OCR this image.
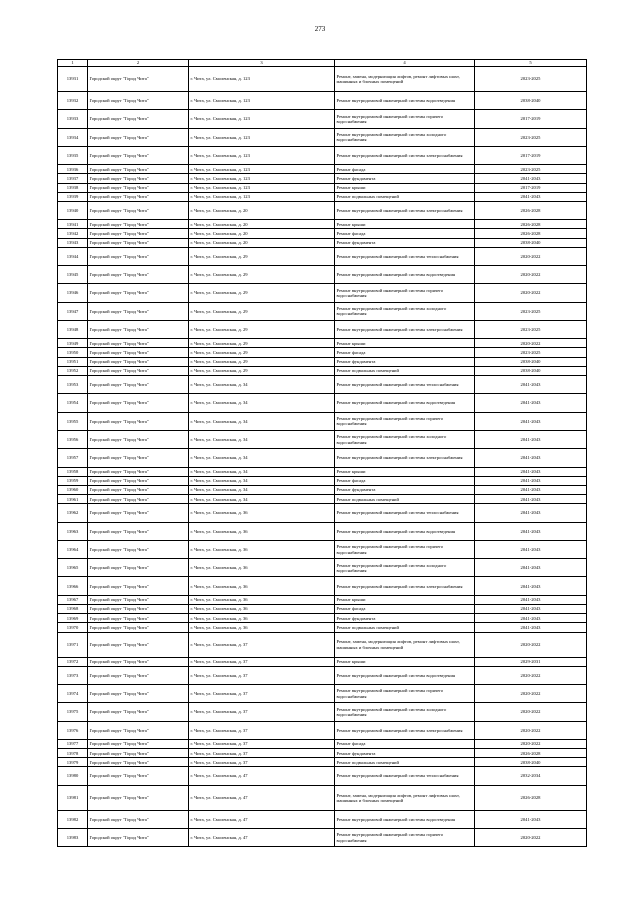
273
1	2	3	4	5
13931	Городской округ "Город Чита"	г. Чита, ул. Смоленская, д. 123	Ремонт, замена, модернизация лифтов, ремонт лифтовых шахт, машинных и блочных помещений	2023-2025
13932	Городской округ "Город Чита"	г. Чита, ул. Смоленская, д. 123	Ремонт внутридомовой инженерной системы водоотведения	2038-2040
13933	Городской округ "Город Чита"	г. Чита, ул. Смоленская, д. 123	Ремонт внутридомовой инженерной системы горячего водоснабжения	2017-2019
13934	Городской округ "Город Чита"	г. Чита, ул. Смоленская, д. 123	Ремонт внутридомовой инженерной системы холодного водоснабжения	2023-2025
13935	Городской округ "Город Чита"	г. Чита, ул. Смоленская, д. 123	Ремонт внутридомовой инженерной системы электроснабжения	2017-2019
13936	Городской округ "Город Чита"	г. Чита, ул. Смоленская, д. 123	Ремонт фасада	2023-2025
13937	Городской округ "Город Чита"	г. Чита, ул. Смоленская, д. 123	Ремонт фундамента	2041-2043
13938	Городской округ "Город Чита"	г. Чита, ул. Смоленская, д. 123	Ремонт крыши	2017-2019
13939	Городской округ "Город Чита"	г. Чита, ул. Смоленская, д. 123	Ремонт подвальных помещений	2041-2043
13940	Городской округ "Город Чита"	г. Чита, ул. Смоленская, д. 20	Ремонт внутридомовой инженерной системы электроснабжения	2026-2028
13941	Городской округ "Город Чита"	г. Чита, ул. Смоленская, д. 20	Ремонт крыши	2026-2028
13942	Городской округ "Город Чита"	г. Чита, ул. Смоленская, д. 20	Ремонт фасада	2026-2028
13943	Городской округ "Город Чита"	г. Чита, ул. Смоленская, д. 20	Ремонт фундамента	2038-2040
13944	Городской округ "Город Чита"	г. Чита, ул. Смоленская, д. 29	Ремонт внутридомовой инженерной системы теплоснабжения	2020-2022
13945	Городской округ "Город Чита"	г. Чита, ул. Смоленская, д. 29	Ремонт внутридомовой инженерной системы водоотведения	2020-2022
13946	Городской округ "Город Чита"	г. Чита, ул. Смоленская, д. 29	Ремонт внутридомовой инженерной системы горячего водоснабжения	2020-2022
13947	Городской округ "Город Чита"	г. Чита, ул. Смоленская, д. 29	Ремонт внутридомовой инженерной системы холодного водоснабжения	2023-2025
13948	Городской округ "Город Чита"	г. Чита, ул. Смоленская, д. 29	Ремонт внутридомовой инженерной системы электроснабжения	2023-2025
13949	Городской округ "Город Чита"	г. Чита, ул. Смоленская, д. 29	Ремонт крыши	2020-2022
13950	Городской округ "Город Чита"	г. Чита, ул. Смоленская, д. 29	Ремонт фасада	2023-2025
13951	Городской округ "Город Чита"	г. Чита, ул. Смоленская, д. 29	Ремонт фундамента	2038-2040
13952	Городской округ "Город Чита"	г. Чита, ул. Смоленская, д. 29	Ремонт подвальных помещений	2038-2040
13953	Городской округ "Город Чита"	г. Чита, ул. Смоленская, д. 34	Ремонт внутридомовой инженерной системы теплоснабжения	2041-2043
13954	Городской округ "Город Чита"	г. Чита, ул. Смоленская, д. 34	Ремонт внутридомовой инженерной системы водоотведения	2041-2043
13955	Городской округ "Город Чита"	г. Чита, ул. Смоленская, д. 34	Ремонт внутридомовой инженерной системы горячего водоснабжения	2041-2043
13956	Городской округ "Город Чита"	г. Чита, ул. Смоленская, д. 34	Ремонт внутридомовой инженерной системы холодного водоснабжения	2041-2043
13957	Городской округ "Город Чита"	г. Чита, ул. Смоленская, д. 34	Ремонт внутридомовой инженерной системы электроснабжения	2041-2043
13958	Городской округ "Город Чита"	г. Чита, ул. Смоленская, д. 34	Ремонт крыши	2041-2043
13959	Городской округ "Город Чита"	г. Чита, ул. Смоленская, д. 34	Ремонт фасада	2041-2043
13960	Городской округ "Город Чита"	г. Чита, ул. Смоленская, д. 34	Ремонт фундамента	2041-2043
13961	Городской округ "Город Чита"	г. Чита, ул. Смоленская, д. 34	Ремонт подвальных помещений	2041-2043
13962	Городской округ "Город Чита"	г. Чита, ул. Смоленская, д. 36	Ремонт внутридомовой инженерной системы теплоснабжения	2041-2043
13963	Городской округ "Город Чита"	г. Чита, ул. Смоленская, д. 36	Ремонт внутридомовой инженерной системы водоотведения	2041-2043
13964	Городской округ "Город Чита"	г. Чита, ул. Смоленская, д. 36	Ремонт внутридомовой инженерной системы горячего водоснабжения	2041-2043
13965	Городской округ "Город Чита"	г. Чита, ул. Смоленская, д. 36	Ремонт внутридомовой инженерной системы холодного водоснабжения	2041-2043
13966	Городской округ "Город Чита"	г. Чита, ул. Смоленская, д. 36	Ремонт внутридомовой инженерной системы электроснабжения	2041-2043
13967	Городской округ "Город Чита"	г. Чита, ул. Смоленская, д. 36	Ремонт крыши	2041-2043
13968	Городской округ "Город Чита"	г. Чита, ул. Смоленская, д. 36	Ремонт фасада	2041-2043
13969	Городской округ "Город Чита"	г. Чита, ул. Смоленская, д. 36	Ремонт фундамента	2041-2043
13970	Городской округ "Город Чита"	г. Чита, ул. Смоленская, д. 36	Ремонт подвальных помещений	2041-2043
13971	Городской округ "Город Чита"	г. Чита, ул. Смоленская, д. 37	Ремонт, замена, модернизация лифтов, ремонт лифтовых шахт, машинных и блочных помещений	2020-2022
13972	Городской округ "Город Чита"	г. Чита, ул. Смоленская, д. 37	Ремонт крыши	2029-2031
13973	Городской округ "Город Чита"	г. Чита, ул. Смоленская, д. 37	Ремонт внутридомовой инженерной системы водоотведения	2020-2022
13974	Городской округ "Город Чита"	г. Чита, ул. Смоленская, д. 37	Ремонт внутридомовой инженерной системы горячего водоснабжения	2020-2022
13975	Городской округ "Город Чита"	г. Чита, ул. Смоленская, д. 37	Ремонт внутридомовой инженерной системы холодного водоснабжения	2020-2022
13976	Городской округ "Город Чита"	г. Чита, ул. Смоленская, д. 37	Ремонт внутридомовой инженерной системы электроснабжения	2020-2022
13977	Городской округ "Город Чита"	г. Чита, ул. Смоленская, д. 37	Ремонт фасада	2020-2022
13978	Городской округ "Город Чита"	г. Чита, ул. Смоленская, д. 37	Ремонт фундамента	2026-2028
13979	Городской округ "Город Чита"	г. Чита, ул. Смоленская, д. 37	Ремонт подвальных помещений	2038-2040
13980	Городской округ "Город Чита"	г. Чита, ул. Смоленская, д. 47	Ремонт внутридомовой инженерной системы теплоснабжения	2032-2034
13981	Городской округ "Город Чита"	г. Чита, ул. Смоленская, д. 47	Ремонт, замена, модернизация лифтов, ремонт лифтовых шахт, машинных и блочных помещений	2026-2028
13982	Городской округ "Город Чита"	г. Чита, ул. Смоленская, д. 47	Ремонт внутридомовой инженерной системы водоотведения	2041-2043
13983	Городской округ "Город Чита"	г. Чита, ул. Смоленская, д. 47	Ремонт внутридомовой инженерной системы горячего водоснабжения	2020-2022
